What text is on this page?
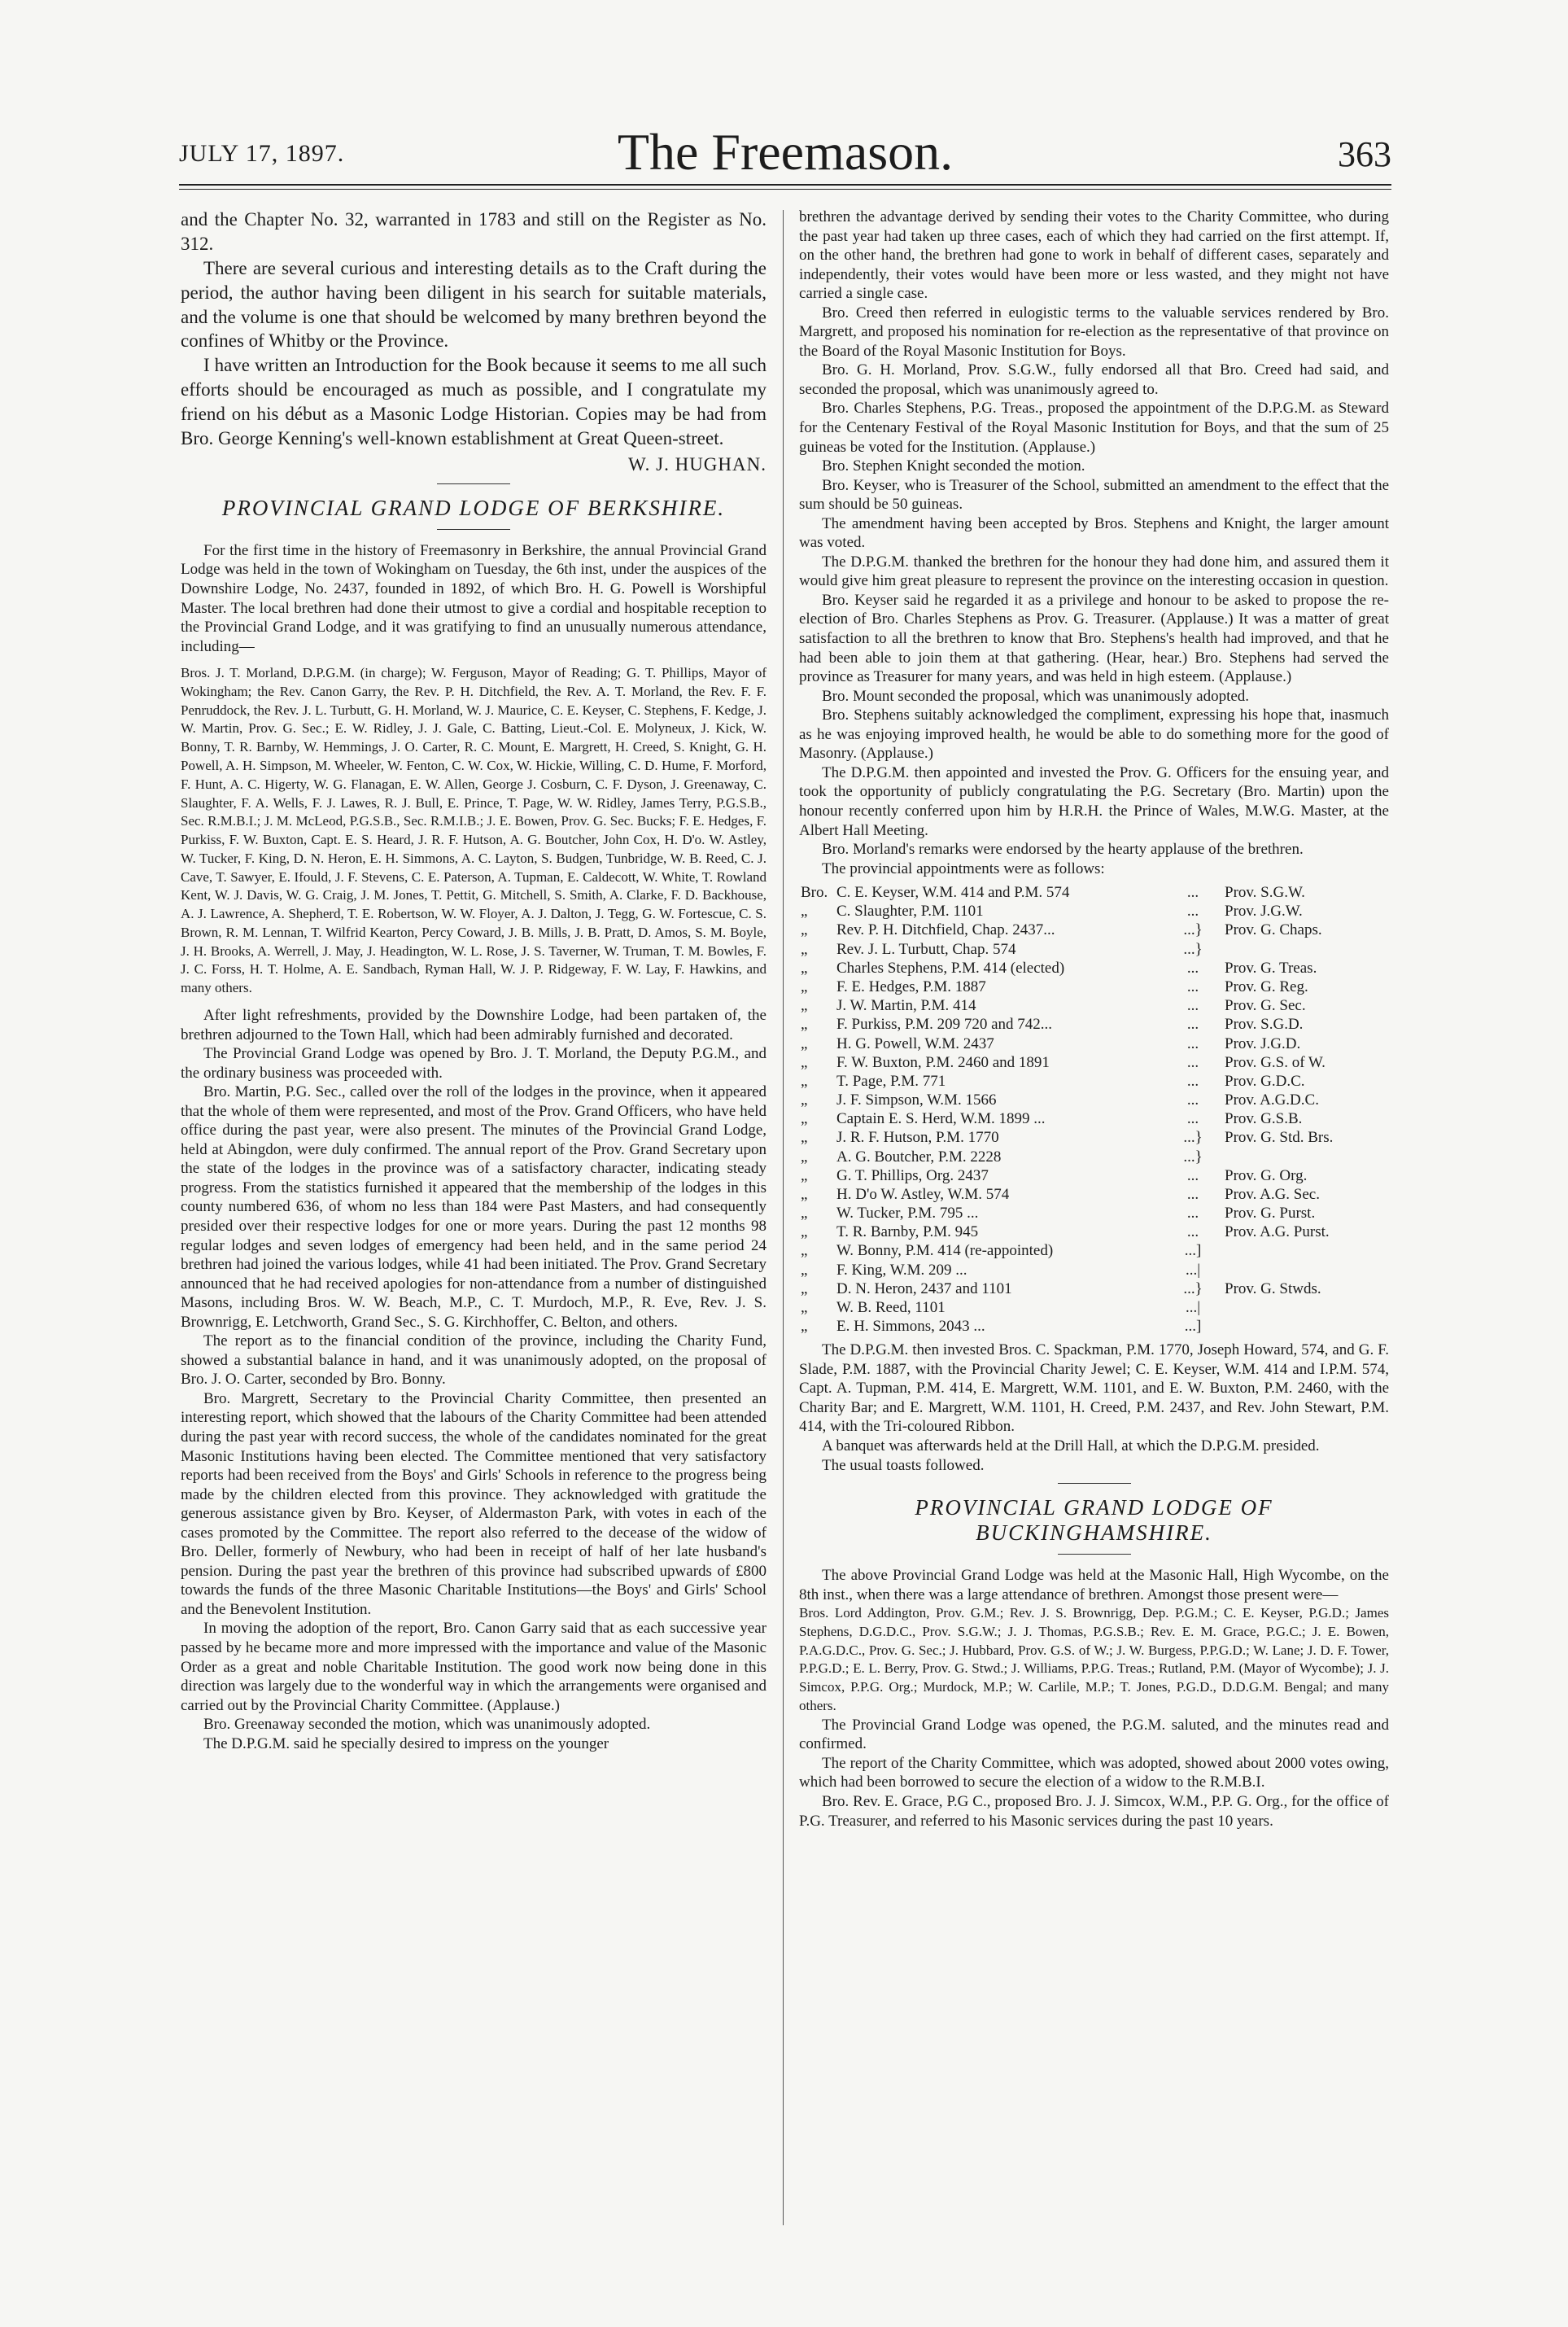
JULY 17, 1897.	The Freemason.	363

and the Chapter No. 32, warranted in 1783 and still on the Register as No. 312.

There are several curious and interesting details as to the Craft during the period, the author having been diligent in his search for suitable materials, and the volume is one that should be welcomed by many brethren beyond the confines of Whitby or the Province.

I have written an Introduction for the Book because it seems to me all such efforts should be encouraged as much as possible, and I congratulate my friend on his début as a Masonic Lodge Historian. Copies may be had from Bro. George Kenning's well-known establishment at Great Queen-street.

W. J. HUGHAN.
PROVINCIAL GRAND LODGE OF BERKSHIRE.

For the first time in the history of Freemasonry in Berkshire, the annual Provincial Grand Lodge was held in the town of Wokingham on Tuesday, the 6th inst, under the auspices of the Downshire Lodge, No. 2437, founded in 1892, of which Bro. H. G. Powell is Worshipful Master. The local brethren had done their utmost to give a cordial and hospitable reception to the Provincial Grand Lodge, and it was gratifying to find an unusually numerous attendance, including—

Bros. J. T. Morland, D.P.G.M. (in charge); W. Ferguson, Mayor of Reading; G. T. Phillips, Mayor of Wokingham; the Rev. Canon Garry, the Rev. P. H. Ditchfield, the Rev. A. T. Morland, the Rev. F. F. Penruddock, the Rev. J. L. Turbutt, G. H. Morland, W. J. Maurice, C. E. Keyser, C. Stephens, F. Kedge, J. W. Martin, Prov. G. Sec.; E. W. Ridley, J. J. Gale, C. Batting, Lieut.-Col. E. Molyneux, J. Kick, W. Bonny, T. R. Barnby, W. Hemmings, J. O. Carter, R. C. Mount, E. Margrett, H. Creed, S. Knight, G. H. Powell, A. H. Simpson, M. Wheeler, W. Fenton, C. W. Cox, W. Hickie, Willing, C. D. Hume, F. Morford, F. Hunt, A. C. Higerty, W. G. Flanagan, E. W. Allen, George J. Cosburn, C. F. Dyson, J. Greenaway, C. Slaughter, F. A. Wells, F. J. Lawes, R. J. Bull, E. Prince, T. Page, W. W. Ridley, James Terry, P.G.S.B., Sec. R.M.B.I.; J. M. McLeod, P.G.S.B., Sec. R.M.I.B.; J. E. Bowen, Prov. G. Sec. Bucks; F. E. Hedges, F. Purkiss, F. W. Buxton, Capt. E. S. Heard, J. R. F. Hutson, A. G. Boutcher, John Cox, H. D'o. W. Astley, W. Tucker, F. King, D. N. Heron, E. H. Simmons, A. C. Layton, S. Budgen, Tunbridge, W. B. Reed, C. J. Cave, T. Sawyer, E. Ifould, J. F. Stevens, C. E. Paterson, A. Tupman, E. Caldecott, W. White, T. Rowland Kent, W. J. Davis, W. G. Craig, J. M. Jones, T. Pettit, G. Mitchell, S. Smith, A. Clarke, F. D. Backhouse, A. J. Lawrence, A. Shepherd, T. E. Robertson, W. W. Floyer, A. J. Dalton, J. Tegg, G. W. Fortescue, C. S. Brown, R. M. Lennan, T. Wilfrid Kearton, Percy Coward, J. B. Mills, J. B. Pratt, D. Amos, S. M. Boyle, J. H. Brooks, A. Werrell, J. May, J. Headington, W. L. Rose, J. S. Taverner, W. Truman, T. M. Bowles, F. J. C. Forss, H. T. Holme, A. E. Sandbach, Ryman Hall, W. J. P. Ridgeway, F. W. Lay, F. Hawkins, and many others.

After light refreshments, provided by the Downshire Lodge, had been partaken of, the brethren adjourned to the Town Hall, which had been admirably furnished and decorated.

The Provincial Grand Lodge was opened by Bro. J. T. Morland, the Deputy P.G.M., and the ordinary business was proceeded with.

Bro. Martin, P.G. Sec., called over the roll of the lodges in the province, when it appeared that the whole of them were represented, and most of the Prov. Grand Officers, who have held office during the past year, were also present. The minutes of the Provincial Grand Lodge, held at Abingdon, were duly confirmed. The annual report of the Prov. Grand Secretary upon the state of the lodges in the province was of a satisfactory character, indicating steady progress. From the statistics furnished it appeared that the membership of the lodges in this county numbered 636, of whom no less than 184 were Past Masters, and had consequently presided over their respective lodges for one or more years. During the past 12 months 98 regular lodges and seven lodges of emergency had been held, and in the same period 24 brethren had joined the various lodges, while 41 had been initiated. The Prov. Grand Secretary announced that he had received apologies for non-attendance from a number of distinguished Masons, including Bros. W. W. Beach, M.P., C. T. Murdoch, M.P., R. Eve, Rev. J. S. Brownrigg, E. Letchworth, Grand Sec., S. G. Kirchhoffer, C. Belton, and others.

The report as to the financial condition of the province, including the Charity Fund, showed a substantial balance in hand, and it was unanimously adopted, on the proposal of Bro. J. O. Carter, seconded by Bro. Bonny.

Bro. Margrett, Secretary to the Provincial Charity Committee, then presented an interesting report, which showed that the labours of the Charity Committee had been attended during the past year with record success, the whole of the candidates nominated for the great Masonic Institutions having been elected. The Committee mentioned that very satisfactory reports had been received from the Boys' and Girls' Schools in reference to the progress being made by the children elected from this province. They acknowledged with gratitude the generous assistance given by Bro. Keyser, of Aldermaston Park, with votes in each of the cases promoted by the Committee. The report also referred to the decease of the widow of Bro. Deller, formerly of Newbury, who had been in receipt of half of her late husband's pension. During the past year the brethren of this province had subscribed upwards of £800 towards the funds of the three Masonic Charitable Institutions—the Boys' and Girls' School and the Benevolent Institution.

In moving the adoption of the report, Bro. Canon Garry said that as each successive year passed by he became more and more impressed with the importance and value of the Masonic Order as a great and noble Charitable Institution. The good work now being done in this direction was largely due to the wonderful way in which the arrangements were organised and carried out by the Provincial Charity Committee. (Applause.)

Bro. Greenaway seconded the motion, which was unanimously adopted.

The D.P.G.M. said he specially desired to impress on the younger

brethren the advantage derived by sending their votes to the Charity Committee, who during the past year had taken up three cases, each of which they had carried on the first attempt. If, on the other hand, the brethren had gone to work in behalf of different cases, separately and independently, their votes would have been more or less wasted, and they might not have carried a single case.

Bro. Creed then referred in eulogistic terms to the valuable services rendered by Bro. Margrett, and proposed his nomination for re-election as the representative of that province on the Board of the Royal Masonic Institution for Boys.

Bro. G. H. Morland, Prov. S.G.W., fully endorsed all that Bro. Creed had said, and seconded the proposal, which was unanimously agreed to.

Bro. Charles Stephens, P.G. Treas., proposed the appointment of the D.P.G.M. as Steward for the Centenary Festival of the Royal Masonic Institution for Boys, and that the sum of 25 guineas be voted for the Institution. (Applause.)

Bro. Stephen Knight seconded the motion.

Bro. Keyser, who is Treasurer of the School, submitted an amendment to the effect that the sum should be 50 guineas.

The amendment having been accepted by Bros. Stephens and Knight, the larger amount was voted.

The D.P.G.M. thanked the brethren for the honour they had done him, and assured them it would give him great pleasure to represent the province on the interesting occasion in question.

Bro. Keyser said he regarded it as a privilege and honour to be asked to propose the re-election of Bro. Charles Stephens as Prov. G. Treasurer. (Applause.) It was a matter of great satisfaction to all the brethren to know that Bro. Stephens's health had improved, and that he had been able to join them at that gathering. (Hear, hear.) Bro. Stephens had served the province as Treasurer for many years, and was held in high esteem. (Applause.)

Bro. Mount seconded the proposal, which was unanimously adopted.

Bro. Stephens suitably acknowledged the compliment, expressing his hope that, inasmuch as he was enjoying improved health, he would be able to do something more for the good of Masonry. (Applause.)

The D.P.G.M. then appointed and invested the Prov. G. Officers for the ensuing year, and took the opportunity of publicly congratulating the P.G. Secretary (Bro. Martin) upon the honour recently conferred upon him by H.R.H. the Prince of Wales, M.W.G. Master, at the Albert Hall Meeting.

Bro. Morland's remarks were endorsed by the hearty applause of the brethren.

The provincial appointments were as follows:

Bro.	C. E. Keyser, W.M. 414 and P.M. 574	...	Prov. S.G.W.
„	C. Slaughter, P.M. 1101	...	Prov. J.G.W.
„	Rev. P. H. Ditchfield, Chap. 2437...	...}	Prov. G. Chaps.
„	Rev. J. L. Turbutt, Chap. 574	...}	
„	Charles Stephens, P.M. 414 (elected)	...	Prov. G. Treas.
„	F. E. Hedges, P.M. 1887	...	Prov. G. Reg.
„	J. W. Martin, P.M. 414	...	Prov. G. Sec.
„	F. Purkiss, P.M. 209 720 and 742...	...	Prov. S.G.D.
„	H. G. Powell, W.M. 2437	...	Prov. J.G.D.
„	F. W. Buxton, P.M. 2460 and 1891	...	Prov. G.S. of W.
„	T. Page, P.M. 771	...	Prov. G.D.C.
„	J. F. Simpson, W.M. 1566	...	Prov. A.G.D.C.
„	Captain E. S. Herd, W.M. 1899 ...	...	Prov. G.S.B.
„	J. R. F. Hutson, P.M. 1770	...}	Prov. G. Std. Brs.
„	A. G. Boutcher, P.M. 2228	...}	
„	G. T. Phillips, Org. 2437	...	Prov. G. Org.
„	H. D'o W. Astley, W.M. 574	...	Prov. A.G. Sec.
„	W. Tucker, P.M. 795 ...	...	Prov. G. Purst.
„	T. R. Barnby, P.M. 945	...	Prov. A.G. Purst.
„	W. Bonny, P.M. 414 (re-appointed)	...]	
„	F. King, W.M. 209 ...	...|	
„	D. N. Heron, 2437 and 1101	...}	Prov. G. Stwds.
„	W. B. Reed, 1101	...|	
„	E. H. Simmons, 2043 ...	...]	

The D.P.G.M. then invested Bros. C. Spackman, P.M. 1770, Joseph Howard, 574, and G. F. Slade, P.M. 1887, with the Provincial Charity Jewel; C. E. Keyser, W.M. 414 and I.P.M. 574, Capt. A. Tupman, P.M. 414, E. Margrett, W.M. 1101, and E. W. Buxton, P.M. 2460, with the Charity Bar; and E. Margrett, W.M. 1101, H. Creed, P.M. 2437, and Rev. John Stewart, P.M. 414, with the Tri-coloured Ribbon.

A banquet was afterwards held at the Drill Hall, at which the D.P.G.M. presided.

The usual toasts followed.

PROVINCIAL GRAND LODGE OF BUCKINGHAMSHIRE.

The above Provincial Grand Lodge was held at the Masonic Hall, High Wycombe, on the 8th inst., when there was a large attendance of brethren. Amongst those present were—

Bros. Lord Addington, Prov. G.M.; Rev. J. S. Brownrigg, Dep. P.G.M.; C. E. Keyser, P.G.D.; James Stephens, D.G.D.C., Prov. S.G.W.; J. J. Thomas, P.G.S.B.; Rev. E. M. Grace, P.G.C.; J. E. Bowen, P.A.G.D.C., Prov. G. Sec.; J. Hubbard, Prov. G.S. of W.; J. W. Burgess, P.P.G.D.; W. Lane; J. D. F. Tower, P.P.G.D.; E. L. Berry, Prov. G. Stwd.; J. Williams, P.P.G. Treas.; Rutland, P.M. (Mayor of Wycombe); J. J. Simcox, P.P.G. Org.; Murdock, M.P.; W. Carlile, M.P.; T. Jones, P.G.D., D.D.G.M. Bengal; and many others.

The Provincial Grand Lodge was opened, the P.G.M. saluted, and the minutes read and confirmed.

The report of the Charity Committee, which was adopted, showed about 2000 votes owing, which had been borrowed to secure the election of a widow to the R.M.B.I.

Bro. Rev. E. Grace, P.G C., proposed Bro. J. J. Simcox, W.M., P.P. G. Org., for the office of P.G. Treasurer, and referred to his Masonic services during the past 10 years.
